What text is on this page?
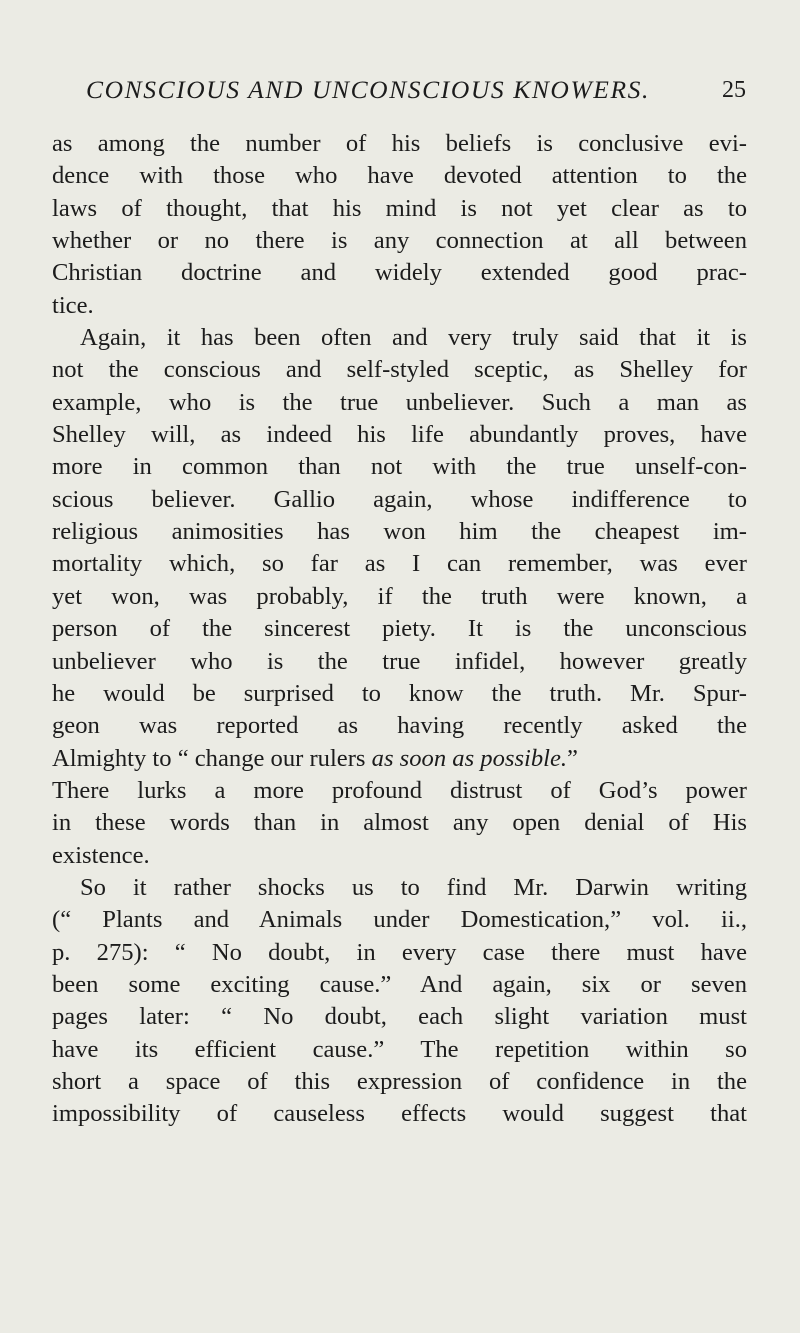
CONSCIOUS AND UNCONSCIOUS KNOWERS.	25
as among the number of his beliefs is conclusive evi-
dence with those who have devoted attention to the
laws of thought, that his mind is not yet clear as to
whether or no there is any connection at all between
Christian doctrine and widely extended good prac-
tice.
Again, it has been often and very truly said that it is
not the conscious and self-styled sceptic, as Shelley for
example, who is the true unbeliever. Such a man as
Shelley will, as indeed his life abundantly proves, have
more in common than not with the true unself-con-
scious believer. Gallio again, whose indifference to
religious animosities has won him the cheapest im-
mortality which, so far as I can remember, was ever
yet won, was probably, if the truth were known, a
person of the sincerest piety. It is the unconscious
unbeliever who is the true infidel, however greatly
he would be surprised to know the truth. Mr. Spur-
geon was reported as having recently asked the
Almighty to “ change our rulers as soon as possible.”
There lurks a more profound distrust of God’s power
in these words than in almost any open denial of His
existence.
So it rather shocks us to find Mr. Darwin writing
(“ Plants and Animals under Domestication,” vol. ii.,
p. 275): “ No doubt, in every case there must have
been some exciting cause.” And again, six or seven
pages later: “ No doubt, each slight variation must
have its efficient cause.” The repetition within so
short a space of this expression of confidence in the
impossibility of causeless effects would suggest that
